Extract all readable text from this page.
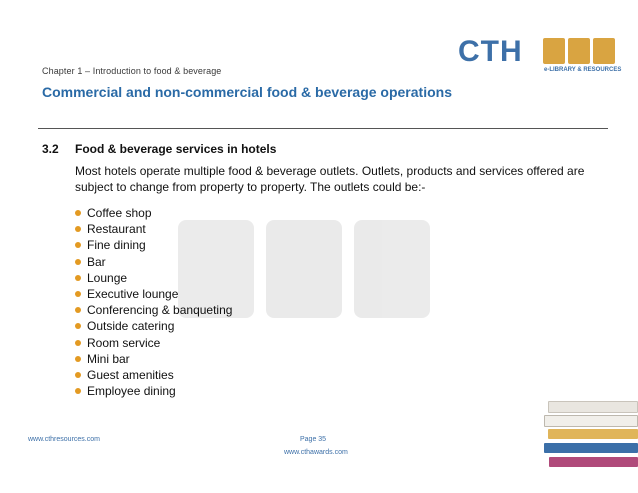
Chapter 1 – Introduction to food & beverage
Commercial and non-commercial food & beverage operations
CTH
e-LIBRARY & RESOURCES
3.2 Food & beverage services in hotels
Most hotels operate multiple food & beverage outlets. Outlets, products and services offered are subject to change from property to property. The outlets could be:-
Coffee shop
Restaurant
Fine dining
Bar
Lounge
Executive lounge
Conferencing & banqueting
Outside catering
Room service
Mini bar
Guest amenities
Employee dining
www.cthresources.com	Page 35
www.cthawards.com
